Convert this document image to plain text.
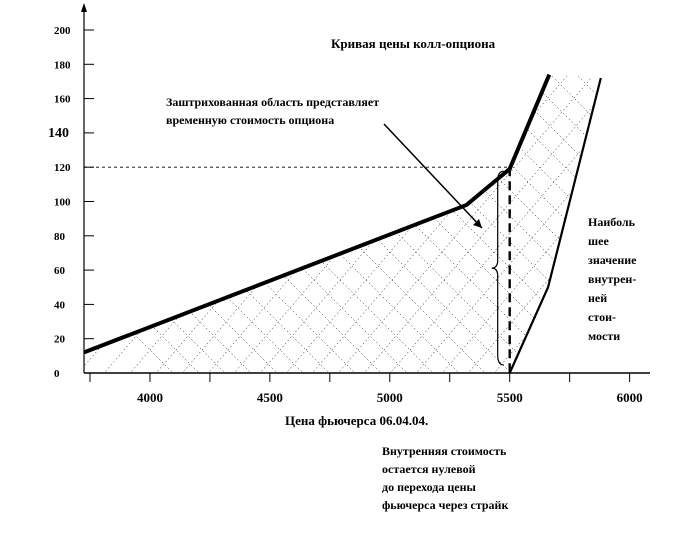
0
20
40
60
80
100
120
140
160
180
200
4000	4500	5000	5500	6000
Кривая цены колл-опциона
Цена фьючерса 06.04.04.
Заштрихованная область представляет
временную стоимость опциона
Наиболь
шее
значение
внутрен-
ней
стои-
мости
Внутренняя стоимость
остается нулевой
до перехода цены
фьючерса через страйк
